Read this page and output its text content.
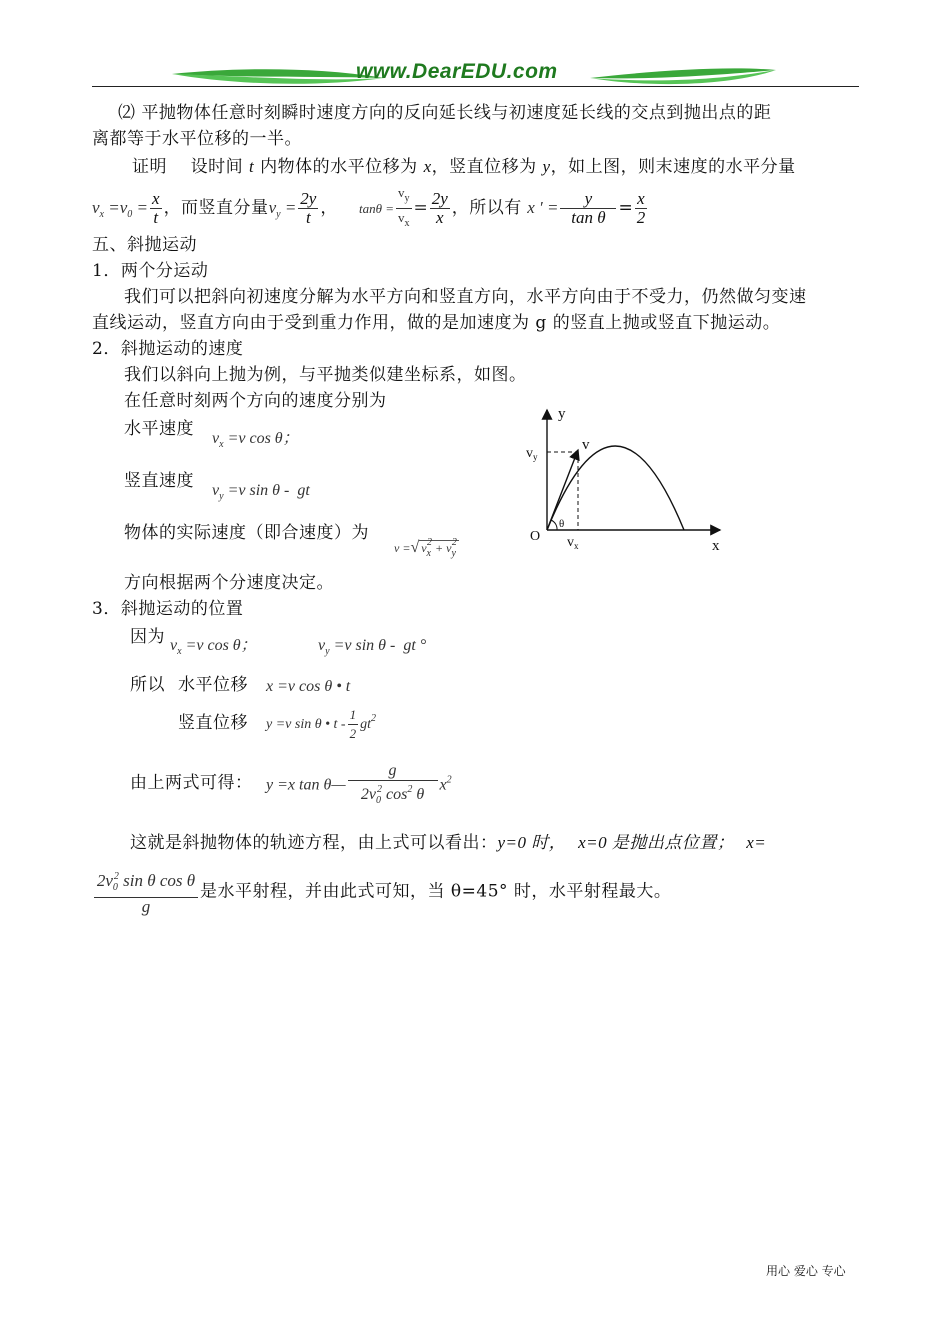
www.DearEDU.com
⑵ 平抛物体任意时刻瞬时速度方向的反向延长线与初速度延长线的交点到抛出点的距
离都等于水平位移的一半。
证明 设时间 t 内物体的水平位移为 x，竖直位移为 y，如上图，则末速度的水平分量
$v_x =v_0 = \frac{x}{t}$ ，而竖直分量$v_y = \frac{2y}{t}$ ， $\tan\theta = \frac{v_y}{v_x} = \frac{2y}{x}$ ，所以有 x ′ = $\frac{y}{\text{tan θ}} = \frac{x}{2}$
五、斜抛运动
1．两个分运动
我们可以把斜向初速度分解为水平方向和竖直方向，水平方向由于不受力，仍然做匀变速
直线运动，竖直方向由于受到重力作用，做的是加速度为 g 的竖直上抛或竖直下抛运动。
2．斜抛运动的速度
我们以斜向上抛为例，与平抛类似建坐标系，如图。
在任意时刻两个方向的速度分别为
水平速度 $v_x =v$ cos θ；
竖直速度 $v_y =v$ sin θ -  gt
物体的实际速度（即合速度）为
v =√ $v_x^2 + v_y^2$
方向根据两个分速度决定。
y
x
O
v
$v_y$
$v_x$
θ
3．斜抛运动的位置
因为 $v_x =v$ cos θ；	$v_y =v$ sin θ -  gt °
所以 水平位移 x =v cos θ • t
竖直位移 y =v sin θ • t - $\frac{1}{2} gt^2$
由上两式可得： y =x tan θ— $\frac{g}{2v_0^2 \cos^2 \theta} x^2$
这就是斜抛物体的轨迹方程，由上式可以看出：y=0 时， x=0 是抛出点位置； x=
$\frac{2v_0^2 \sin \theta \cos \theta}{g}$ 是水平射程，并由此式可知，当 θ=45° 时，水平射程最大。
用心 爱心 专心
